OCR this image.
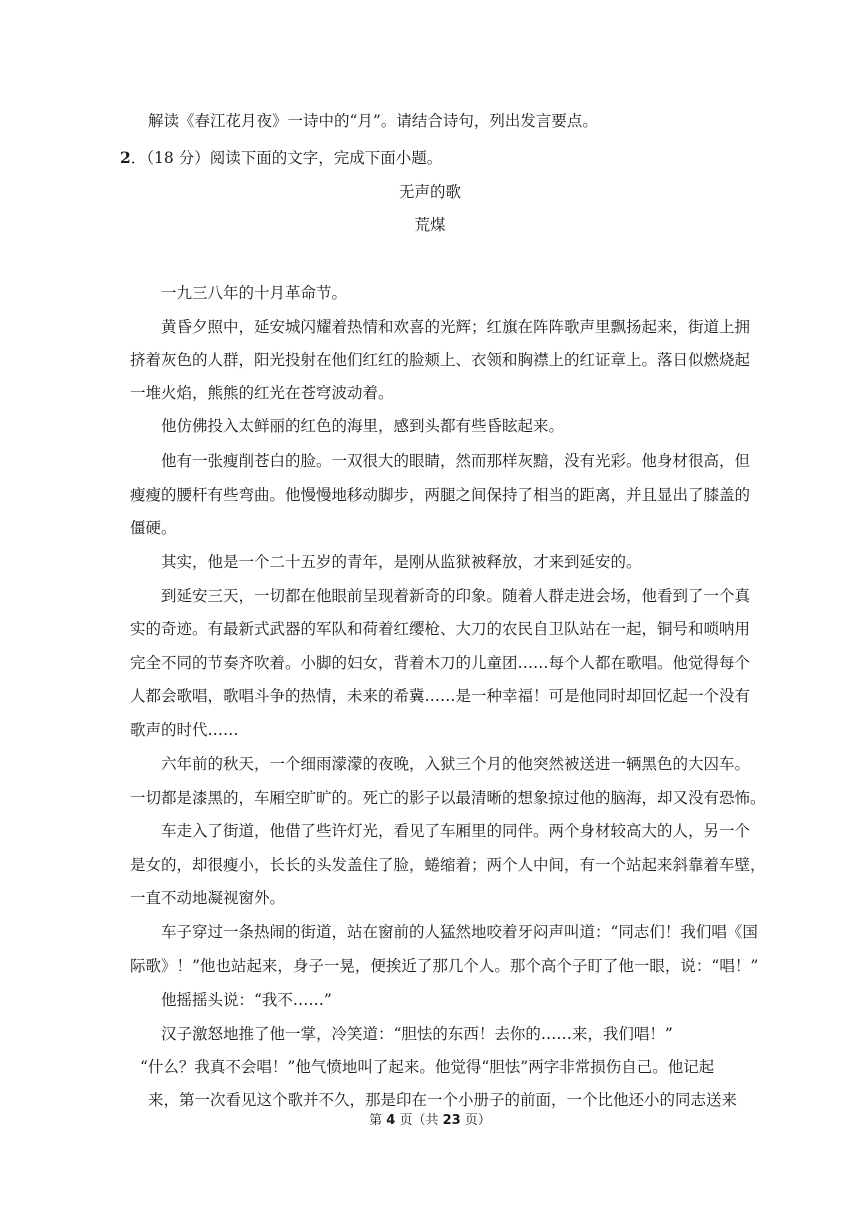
解读《春江花月夜》一诗中的“月”。请结合诗句，列出发言要点。
2．（18 分）阅读下面的文字，完成下面小题。
无声的歌
荒煤
一九三八年的十月革命节。
黄昏夕照中，延安城闪耀着热情和欢喜的光辉；红旗在阵阵歌声里飘扬起来，街道上拥
挤着灰色的人群，阳光投射在他们红红的脸颊上、衣领和胸襟上的红证章上。落日似燃烧起
一堆火焰，熊熊的红光在苍穹波动着。
他仿佛投入太鲜丽的红色的海里，感到头都有些昏眩起来。
他有一张瘦削苍白的脸。一双很大的眼睛，然而那样灰黯，没有光彩。他身材很高，但
瘦瘦的腰杆有些弯曲。他慢慢地移动脚步，两腿之间保持了相当的距离，并且显出了膝盖的
僵硬。
其实，他是一个二十五岁的青年，是刚从监狱被释放，才来到延安的。
到延安三天，一切都在他眼前呈现着新奇的印象。随着人群走进会场，他看到了一个真
实的奇迹。有最新式武器的军队和荷着红缨枪、大刀的农民自卫队站在一起，铜号和唢呐用
完全不同的节奏齐吹着。小脚的妇女，背着木刀的儿童团……每个人都在歌唱。他觉得每个
人都会歌唱，歌唱斗争的热情，未来的希冀……是一种幸福！可是他同时却回忆起一个没有
歌声的时代……
六年前的秋天，一个细雨濛濛的夜晚，入狱三个月的他突然被送进一辆黑色的大囚车。
一切都是漆黑的，车厢空旷旷的。死亡的影子以最清晰的想象掠过他的脑海，却又没有恐怖。
车走入了街道，他借了些许灯光，看见了车厢里的同伴。两个身材较高大的人，另一个
是女的，却很瘦小，长长的头发盖住了脸，蜷缩着；两个人中间，有一个站起来斜靠着车壁，
一直不动地凝视窗外。
车子穿过一条热闹的街道，站在窗前的人猛然地咬着牙闷声叫道：“同志们！我们唱《国
际歌》！”他也站起来，身子一晃，便挨近了那几个人。那个高个子盯了他一眼，说：“唱！”
他摇摇头说：“我不……”
汉子激怒地推了他一掌，冷笑道：“胆怯的东西！去你的……来，我们唱！”
“什么？我真不会唱！”他气愤地叫了起来。他觉得“胆怯”两字非常损伤自己。他记起
来，第一次看见这个歌并不久，那是印在一个小册子的前面，一个比他还小的同志送来
第 4 页（共 23 页）
